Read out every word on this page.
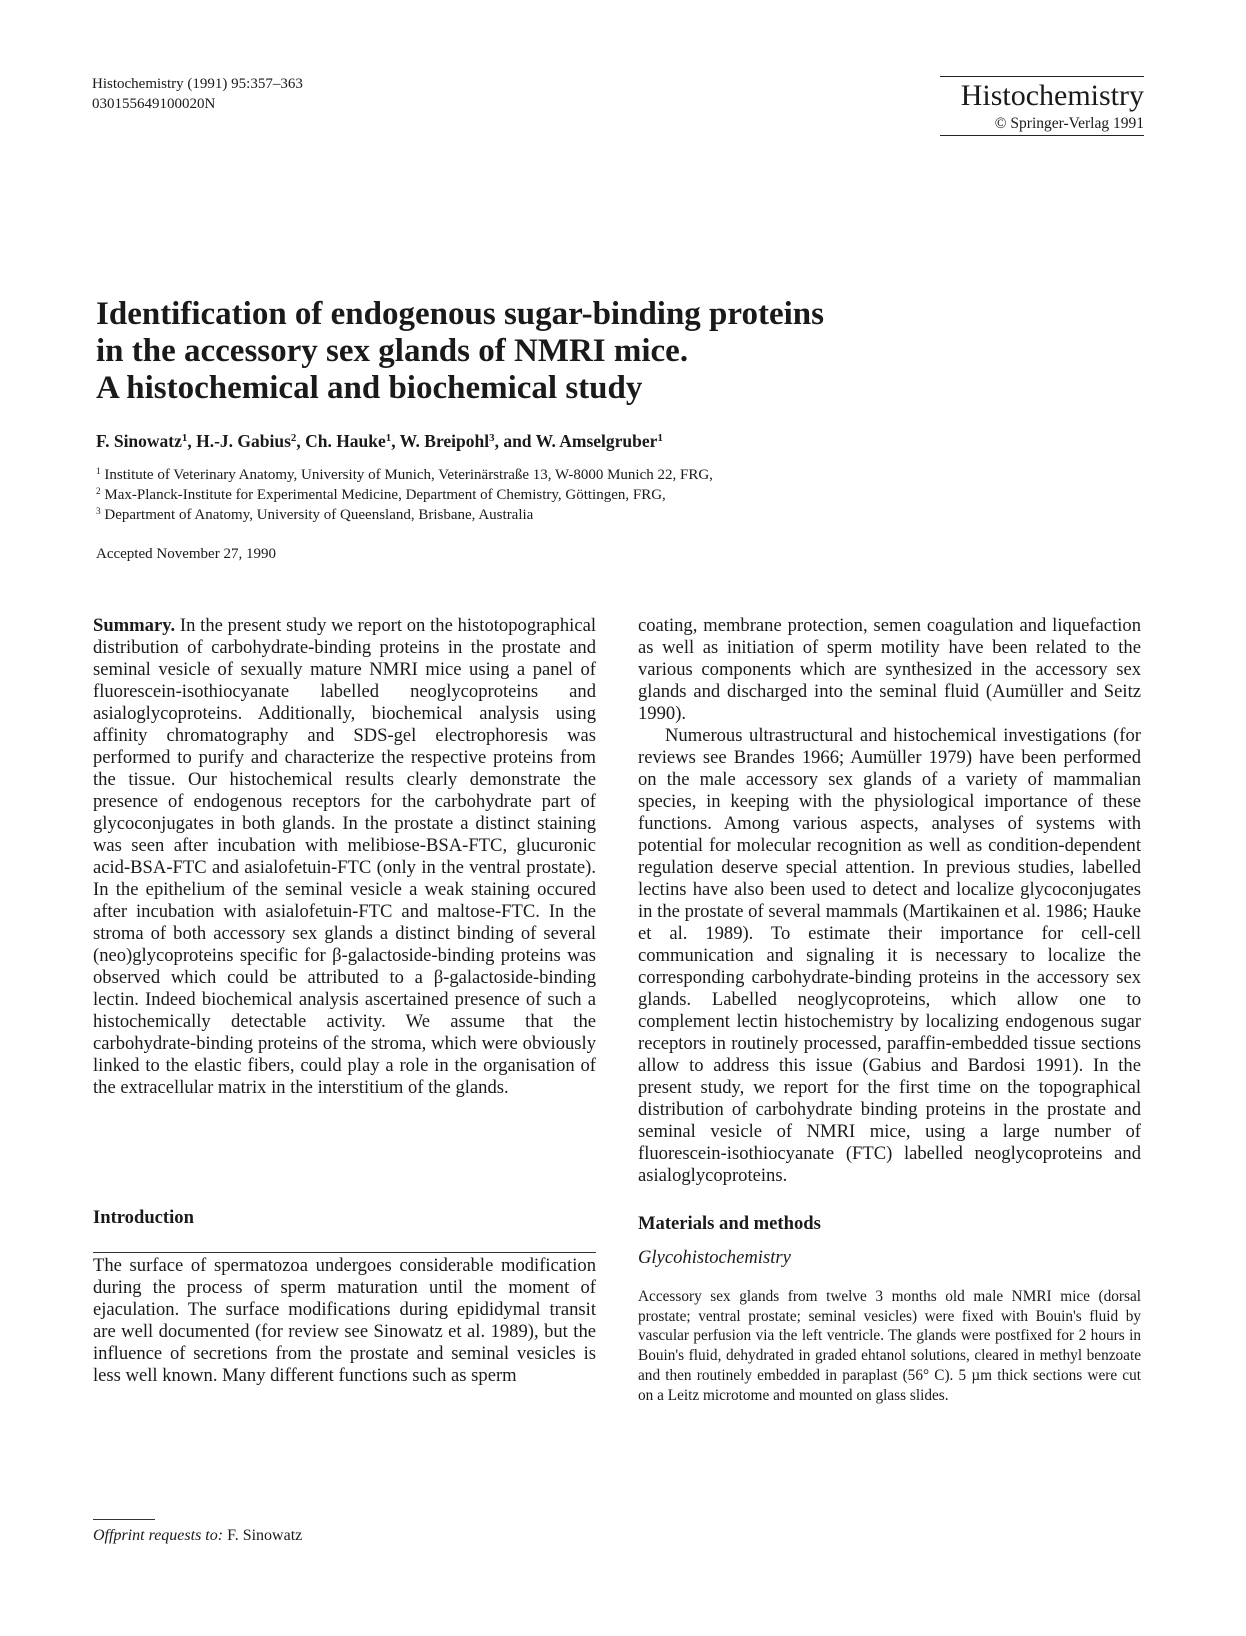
Histochemistry (1991) 95:357–363
030155649100020N	Histochemistry
© Springer-Verlag 1991
Identification of endogenous sugar-binding proteins
in the accessory sex glands of NMRI mice.
A histochemical and biochemical study
F. Sinowatz$^1$, H.-J. Gabius$^2$, Ch. Hauke$^1$, W. Breipohl$^3$, and W. Amselgruber$^1$
$^1$ Institute of Veterinary Anatomy, University of Munich, Veterinärstraße 13, W-8000 Munich 22, FRG,
$^2$ Max-Planck-Institute for Experimental Medicine, Department of Chemistry, Göttingen, FRG,
$^3$ Department of Anatomy, University of Queensland, Brisbane, Australia
Accepted November 27, 1990

Summary. In the present study we report on the histotopographical distribution of carbohydrate-binding proteins in the prostate and seminal vesicle of sexually mature NMRI mice using a panel of fluorescein-isothiocyanate labelled neoglycoproteins and asialoglycoproteins. Additionally, biochemical analysis using affinity chromatography and SDS-gel electrophoresis was performed to purify and characterize the respective proteins from the tissue. Our histochemical results clearly demonstrate the presence of endogenous receptors for the carbohydrate part of glycoconjugates in both glands. In the prostate a distinct staining was seen after incubation with melibiose-BSA-FTC, glucuronic acid-BSA-FTC and asialofetuin-FTC (only in the ventral prostate). In the epithelium of the seminal vesicle a weak staining occured after incubation with asialofetuin-FTC and maltose-FTC. In the stroma of both accessory sex glands a distinct binding of several (neo)glycoproteins specific for β-galactoside-binding proteins was observed which could be attributed to a β-galactoside-binding lectin. Indeed biochemical analysis ascertained presence of such a histochemically detectable activity. We assume that the carbohydrate-binding proteins of the stroma, which were obviously linked to the elastic fibers, could play a role in the organisation of the extracellular matrix in the interstitium of the glands.

Introduction

The surface of spermatozoa undergoes considerable modification during the process of sperm maturation until the moment of ejaculation. The surface modifications during epididymal transit are well documented (for review see Sinowatz et al. 1989), but the influence of secretions from the prostate and seminal vesicles is less well known. Many different functions such as sperm

Offprint requests to: F. Sinowatz

coating, membrane protection, semen coagulation and liquefaction as well as initiation of sperm motility have been related to the various components which are synthesized in the accessory sex glands and discharged into the seminal fluid (Aumüller and Seitz 1990).

Numerous ultrastructural and histochemical investigations (for reviews see Brandes 1966; Aumüller 1979) have been performed on the male accessory sex glands of a variety of mammalian species, in keeping with the physiological importance of these functions. Among various aspects, analyses of systems with potential for molecular recognition as well as condition-dependent regulation deserve special attention. In previous studies, labelled lectins have also been used to detect and localize glycoconjugates in the prostate of several mammals (Martikainen et al. 1986; Hauke et al. 1989). To estimate their importance for cell-cell communication and signaling it is necessary to localize the corresponding carbohydrate-binding proteins in the accessory sex glands. Labelled neoglycoproteins, which allow one to complement lectin histochemistry by localizing endogenous sugar receptors in routinely processed, paraffin-embedded tissue sections allow to address this issue (Gabius and Bardosi 1991). In the present study, we report for the first time on the topographical distribution of carbohydrate binding proteins in the prostate and seminal vesicle of NMRI mice, using a large number of fluorescein-isothiocyanate (FTC) labelled neoglycoproteins and asialoglycoproteins.

Materials and methods
Glycohistochemistry

Accessory sex glands from twelve 3 months old male NMRI mice (dorsal prostate; ventral prostate; seminal vesicles) were fixed with Bouin's fluid by vascular perfusion via the left ventricle. The glands were postfixed for 2 hours in Bouin's fluid, dehydrated in graded ehtanol solutions, cleared in methyl benzoate and then routinely embedded in paraplast (56° C). 5 µm thick sections were cut on a Leitz microtome and mounted on glass slides.
